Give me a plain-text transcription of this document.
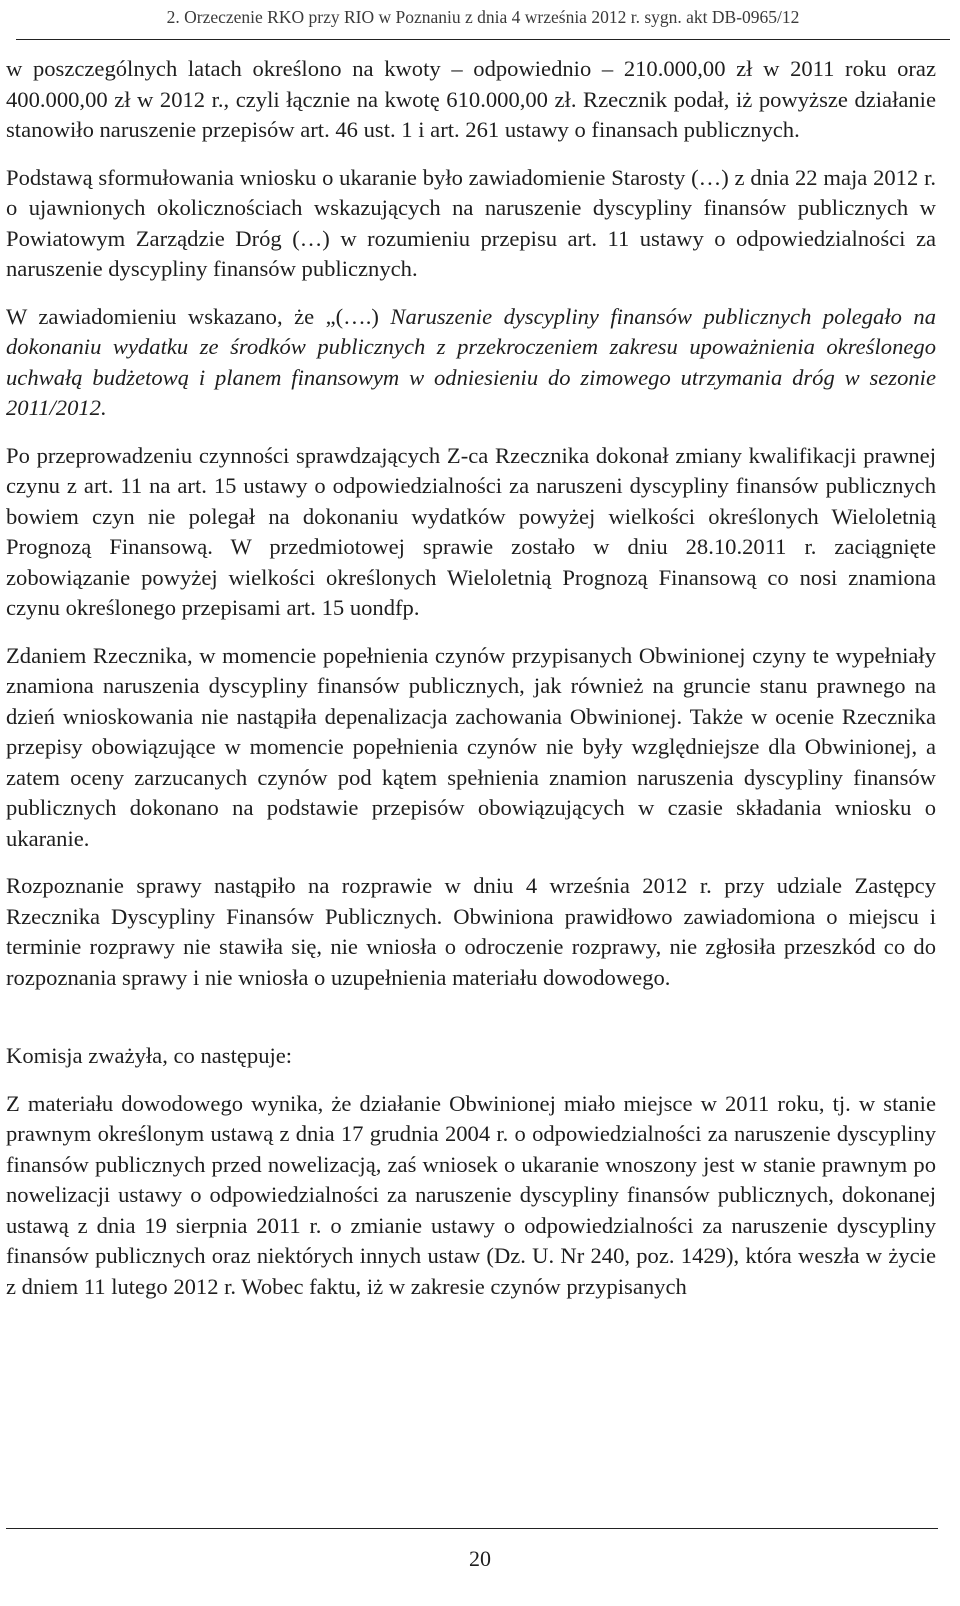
2. Orzeczenie RKO przy RIO w Poznaniu z dnia 4 września 2012 r. sygn. akt DB-0965/12

w poszczególnych latach określono na kwoty – odpowiednio – 210.000,00 zł w 2011 roku oraz 400.000,00 zł w 2012 r., czyli łącznie na kwotę 610.000,00 zł. Rzecznik podał, iż powyższe działanie stanowiło naruszenie przepisów art. 46 ust. 1 i art. 261 ustawy o finansach publicznych.

Podstawą sformułowania wniosku o ukaranie było zawiadomienie Starosty (…) z dnia 22 maja 2012 r. o ujawnionych okolicznościach wskazujących na naruszenie dyscypliny finansów publicznych w Powiatowym Zarządzie Dróg (…) w rozumieniu przepisu art. 11 ustawy o odpowiedzialności za naruszenie dyscypliny finansów publicznych.

W zawiadomieniu wskazano, że „(….) Naruszenie dyscypliny finansów publicznych polegało na dokonaniu wydatku ze środków publicznych z przekroczeniem zakresu upoważnienia określonego uchwałą budżetową i planem finansowym w odniesieniu do zimowego utrzymania dróg w sezonie 2011/2012.

Po przeprowadzeniu czynności sprawdzających Z-ca Rzecznika dokonał zmiany kwalifikacji prawnej czynu z art. 11 na art. 15 ustawy o odpowiedzialności za naruszeni dyscypliny finansów publicznych bowiem czyn nie polegał na dokonaniu wydatków powyżej wielkości określonych Wieloletnią Prognozą Finansową. W przedmiotowej sprawie zostało w dniu 28.10.2011 r. zaciągnięte zobowiązanie powyżej wielkości określonych Wieloletnią Prognozą Finansową co nosi znamiona czynu określonego przepisami art. 15 uondfp.

Zdaniem Rzecznika, w momencie popełnienia czynów przypisanych Obwinionej czyny te wypełniały znamiona naruszenia dyscypliny finansów publicznych, jak również na gruncie stanu prawnego na dzień wnioskowania nie nastąpiła depenalizacja zachowania Obwinionej. Także w ocenie Rzecznika przepisy obowiązujące w momencie popełnienia czynów nie były względniejsze dla Obwinionej, a zatem oceny zarzucanych czynów pod kątem spełnienia znamion naruszenia dyscypliny finansów publicznych dokonano na podstawie przepisów obowiązujących w czasie składania wniosku o ukaranie.

Rozpoznanie sprawy nastąpiło na rozprawie w dniu 4 września 2012 r. przy udziale Zastępcy Rzecznika Dyscypliny Finansów Publicznych. Obwiniona prawidłowo zawiadomiona o miejscu i terminie rozprawy nie stawiła się, nie wniosła o odroczenie rozprawy, nie zgłosiła przeszkód co do rozpoznania sprawy i nie wniosła o uzupełnienia materiału dowodowego.

Komisja zważyła, co następuje:

Z materiału dowodowego wynika, że działanie Obwinionej miało miejsce w 2011 roku, tj. w stanie prawnym określonym ustawą z dnia 17 grudnia 2004 r. o odpowiedzialności za naruszenie dyscypliny finansów publicznych przed nowelizacją, zaś wniosek o ukaranie wnoszony jest w stanie prawnym po nowelizacji ustawy o odpowiedzialności za naruszenie dyscypliny finansów publicznych, dokonanej ustawą z dnia 19 sierpnia 2011 r. o zmianie ustawy o odpowiedzialności za naruszenie dyscypliny finansów publicznych oraz niektórych innych ustaw (Dz. U. Nr 240, poz. 1429), która weszła w życie z dniem 11 lutego 2012 r. Wobec faktu, iż w zakresie czynów przypisanych

20
